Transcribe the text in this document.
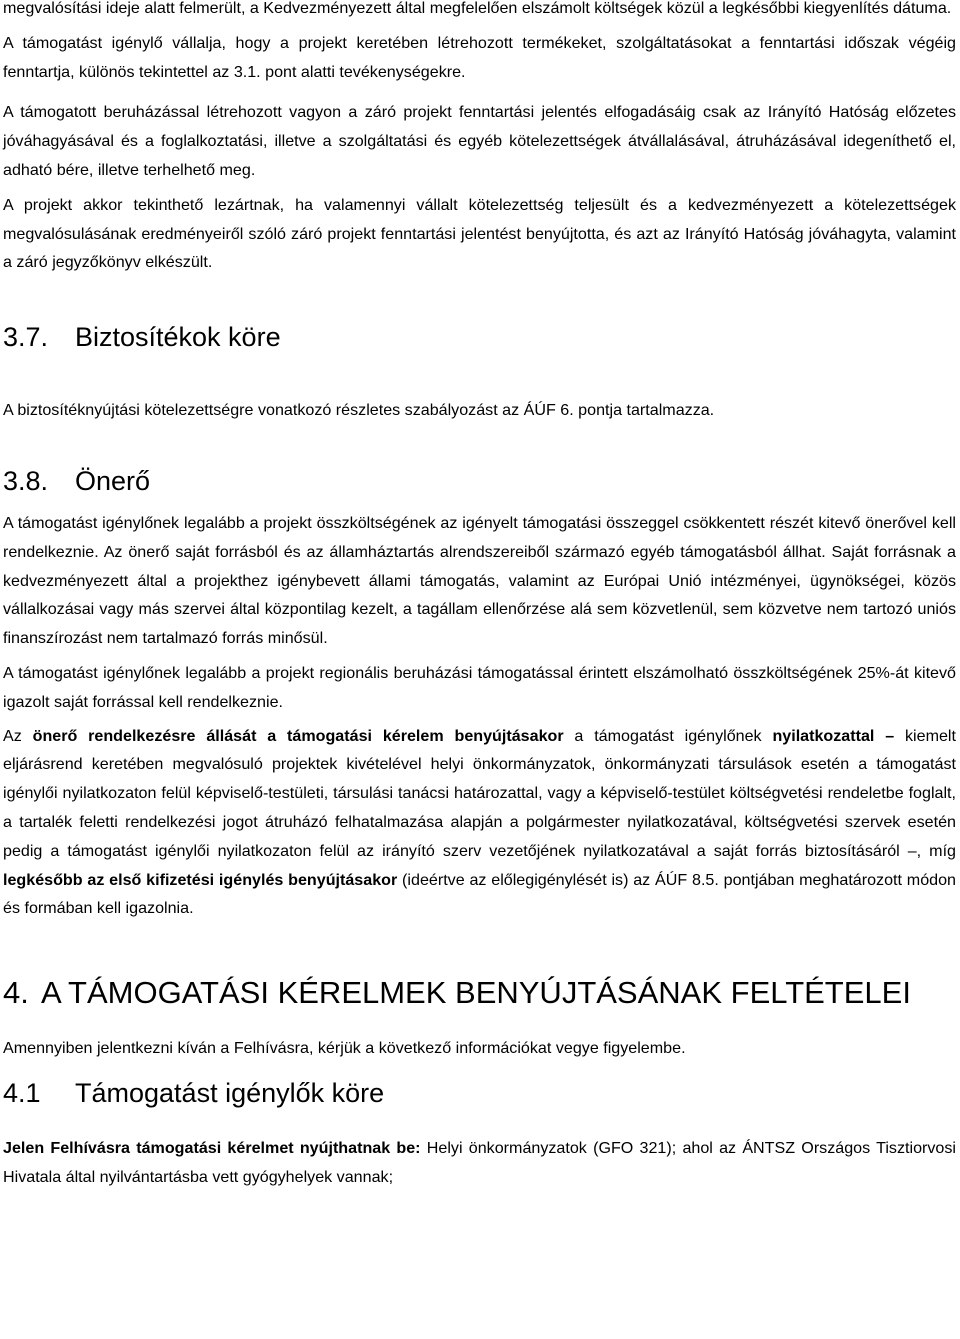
megvalósítási ideje alatt felmerült, a Kedvezményezett által megfelelően elszámolt költségek közül a legkésőbbi kiegyenlítés dátuma.

A támogatást igénylő vállalja, hogy a projekt keretében létrehozott termékeket, szolgáltatásokat a fenntartási időszak végéig fenntartja, különös tekintettel az 3.1. pont alatti tevékenységekre.

A támogatott beruházással létrehozott vagyon a záró projekt fenntartási jelentés elfogadásáig csak az Irányító Hatóság előzetes jóváhagyásával és a foglalkoztatási, illetve a szolgáltatási és egyéb kötelezettségek átvállalásával, átruházásával idegeníthető el, adható bére, illetve terhelhető meg.

A projekt akkor tekinthető lezártnak, ha valamennyi vállalt kötelezettség teljesült és a kedvezményezett a kötelezettségek megvalósulásának eredményeiről szóló záró projekt fenntartási jelentést benyújtotta, és azt az Irányító Hatóság jóváhagyta, valamint a záró jegyzőkönyv elkészült.

3.7. Biztosítékok köre

A biztosítéknyújtási kötelezettségre vonatkozó részletes szabályozást az ÁÚF 6. pontja tartalmazza.

3.8. Önerő

A támogatást igénylőnek legalább a projekt összköltségének az igényelt támogatási összeggel csökkentett részét kitevő önerővel kell rendelkeznie. Az önerő saját forrásból és az államháztartás alrendszereiből származó egyéb támogatásból állhat. Saját forrásnak a kedvezményezett által a projekthez igénybevett állami támogatás, valamint az Európai Unió intézményei, ügynökségei, közös vállalkozásai vagy más szervei által központilag kezelt, a tagállam ellenőrzése alá sem közvetlenül, sem közvetve nem tartozó uniós finanszírozást nem tartalmazó forrás minősül.

A támogatást igénylőnek legalább a projekt regionális beruházási támogatással érintett elszámolható összköltségének 25%-át kitevő igazolt saját forrással kell rendelkeznie.

Az önerő rendelkezésre állását a támogatási kérelem benyújtásakor a támogatást igénylőnek nyilatkozattal – kiemelt eljárásrend keretében megvalósuló projektek kivételével helyi önkormányzatok, önkormányzati társulások esetén a támogatást igénylői nyilatkozaton felül képviselő-testületi, társulási tanácsi határozattal, vagy a képviselő-testület költségvetési rendeletbe foglalt, a tartalék feletti rendelkezési jogot átruházó felhatalmazása alapján a polgármester nyilatkozatával, költségvetési szervek esetén pedig a támogatást igénylői nyilatkozaton felül az irányító szerv vezetőjének nyilatkozatával a saját forrás biztosításáról –, míg legkésőbb az első kifizetési igénylés benyújtásakor (ideértve az előlegigénylését is) az ÁÚF 8.5. pontjában meghatározott módon és formában kell igazolnia.

4. A TÁMOGATÁSI KÉRELMEK BENYÚJTÁSÁNAK FELTÉTELEI

Amennyiben jelentkezni kíván a Felhívásra, kérjük a következő információkat vegye figyelembe.

4.1 Támogatást igénylők köre

Jelen Felhívásra támogatási kérelmet nyújthatnak be: Helyi önkormányzatok (GFO 321); ahol az ÁNTSZ Országos Tisztiorvosi Hivatala által nyilvántartásba vett gyógyhelyek vannak;
